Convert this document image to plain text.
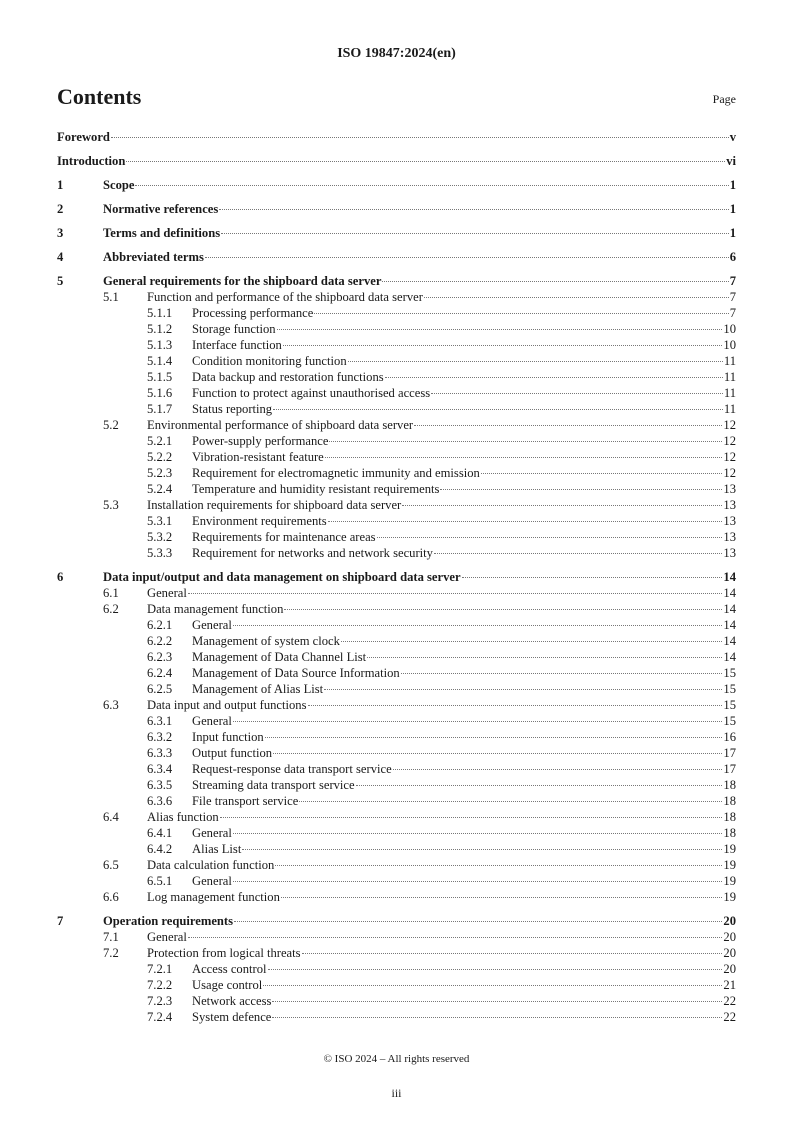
ISO 19847:2024(en)
Contents	Page
Foreword	v
Introduction	vi
1	Scope	1
2	Normative references	1
3	Terms and definitions	1
4	Abbreviated terms	6
5	General requirements for the shipboard data server	7
5.1	Function and performance of the shipboard data server	7
5.1.1	Processing performance	7
5.1.2	Storage function	10
5.1.3	Interface function	10
5.1.4	Condition monitoring function	11
5.1.5	Data backup and restoration functions	11
5.1.6	Function to protect against unauthorised access	11
5.1.7	Status reporting	11
5.2	Environmental performance of shipboard data server	12
5.2.1	Power-supply performance	12
5.2.2	Vibration-resistant feature	12
5.2.3	Requirement for electromagnetic immunity and emission	12
5.2.4	Temperature and humidity resistant requirements	13
5.3	Installation requirements for shipboard data server	13
5.3.1	Environment requirements	13
5.3.2	Requirements for maintenance areas	13
5.3.3	Requirement for networks and network security	13
6	Data input/output and data management on shipboard data server	14
6.1	General	14
6.2	Data management function	14
6.2.1	General	14
6.2.2	Management of system clock	14
6.2.3	Management of Data Channel List	14
6.2.4	Management of Data Source Information	15
6.2.5	Management of Alias List	15
6.3	Data input and output functions	15
6.3.1	General	15
6.3.2	Input function	16
6.3.3	Output function	17
6.3.4	Request-response data transport service	17
6.3.5	Streaming data transport service	18
6.3.6	File transport service	18
6.4	Alias function	18
6.4.1	General	18
6.4.2	Alias List	19
6.5	Data calculation function	19
6.5.1	General	19
6.6	Log management function	19
7	Operation requirements	20
7.1	General	20
7.2	Protection from logical threats	20
7.2.1	Access control	20
7.2.2	Usage control	21
7.2.3	Network access	22
7.2.4	System defence	22
© ISO 2024 – All rights reserved
iii
